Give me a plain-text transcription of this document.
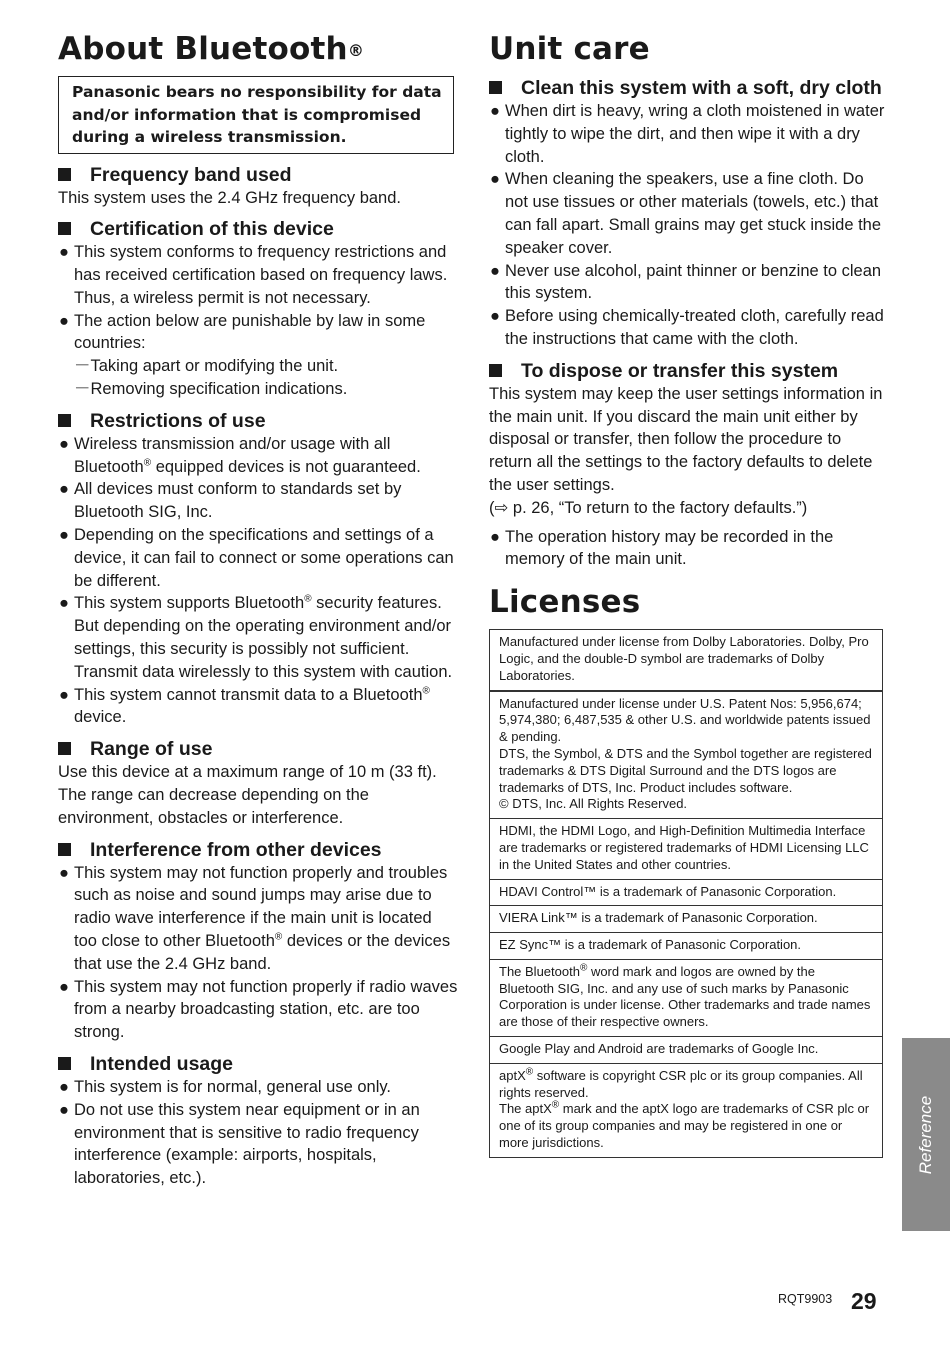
About Bluetooth®
Panasonic bears no responsibility for data and/or information that is compromised during a wireless transmission.
Frequency band used

This system uses the 2.4 GHz frequency band.

Certification of this device
● This system conforms to frequency restrictions and has received certification based on frequency laws. Thus, a wireless permit is not necessary.
● The action below are punishable by law in some countries:
－Taking apart or modifying the unit.
－Removing specification indications.
Restrictions of use
● Wireless transmission and/or usage with all Bluetooth® equipped devices is not guaranteed.
● All devices must conform to standards set by Bluetooth SIG, Inc.
● Depending on the specifications and settings of a device, it can fail to connect or some operations can be different.
● This system supports Bluetooth® security features. But depending on the operating environment and/or settings, this security is possibly not sufficient. Transmit data wirelessly to this system with caution.
● This system cannot transmit data to a Bluetooth® device.
Range of use

Use this device at a maximum range of 10 m (33 ft). The range can decrease depending on the environment, obstacles or interference.

Interference from other devices
● This system may not function properly and troubles such as noise and sound jumps may arise due to radio wave interference if the main unit is located too close to other Bluetooth® devices or the devices that use the 2.4 GHz band.
● This system may not function properly if radio waves from a nearby broadcasting station, etc. are too strong.
Intended usage
● This system is for normal, general use only.
● Do not use this system near equipment or in an environment that is sensitive to radio frequency interference (example: airports, hospitals, laboratories, etc.).
Unit care
Clean this system with a soft, dry cloth
● When dirt is heavy, wring a cloth moistened in water tightly to wipe the dirt, and then wipe it with a dry cloth.
● When cleaning the speakers, use a fine cloth. Do not use tissues or other materials (towels, etc.) that can fall apart. Small grains may get stuck inside the speaker cover.
● Never use alcohol, paint thinner or benzine to clean this system.
● Before using chemically-treated cloth, carefully read the instructions that came with the cloth.
To dispose or transfer this system

This system may keep the user settings information in the main unit. If you discard the main unit either by disposal or transfer, then follow the procedure to return all the settings to the factory defaults to delete the user settings.

(⇨ p. 26, “To return to the factory defaults.”)

● The operation history may be recorded in the memory of the main unit.
Licenses
Manufactured under license from Dolby Laboratories. Dolby, Pro Logic, and the double-D symbol are trademarks of Dolby Laboratories.
Manufactured under license under U.S. Patent Nos: 5,956,674; 5,974,380; 6,487,535 & other U.S. and worldwide patents issued & pending.
DTS, the Symbol, & DTS and the Symbol together are registered trademarks & DTS Digital Surround and the DTS logos are trademarks of DTS, Inc. Product includes software.
© DTS, Inc. All Rights Reserved.
HDMI, the HDMI Logo, and High-Definition Multimedia Interface are trademarks or registered trademarks of HDMI Licensing LLC in the United States and other countries.
HDAVI Control™ is a trademark of Panasonic Corporation.
VIERA Link™ is a trademark of Panasonic Corporation.
EZ Sync™ is a trademark of Panasonic Corporation.
The Bluetooth® word mark and logos are owned by the Bluetooth SIG, Inc. and any use of such marks by Panasonic Corporation is under license. Other trademarks and trade names are those of their respective owners.
Google Play and Android are trademarks of Google Inc.
aptX® software is copyright CSR plc or its group companies. All rights reserved.
The aptX® mark and the aptX logo are trademarks of CSR plc or one of its group companies and may be registered in one or more jurisdictions.	Reference
RQT9903 29
